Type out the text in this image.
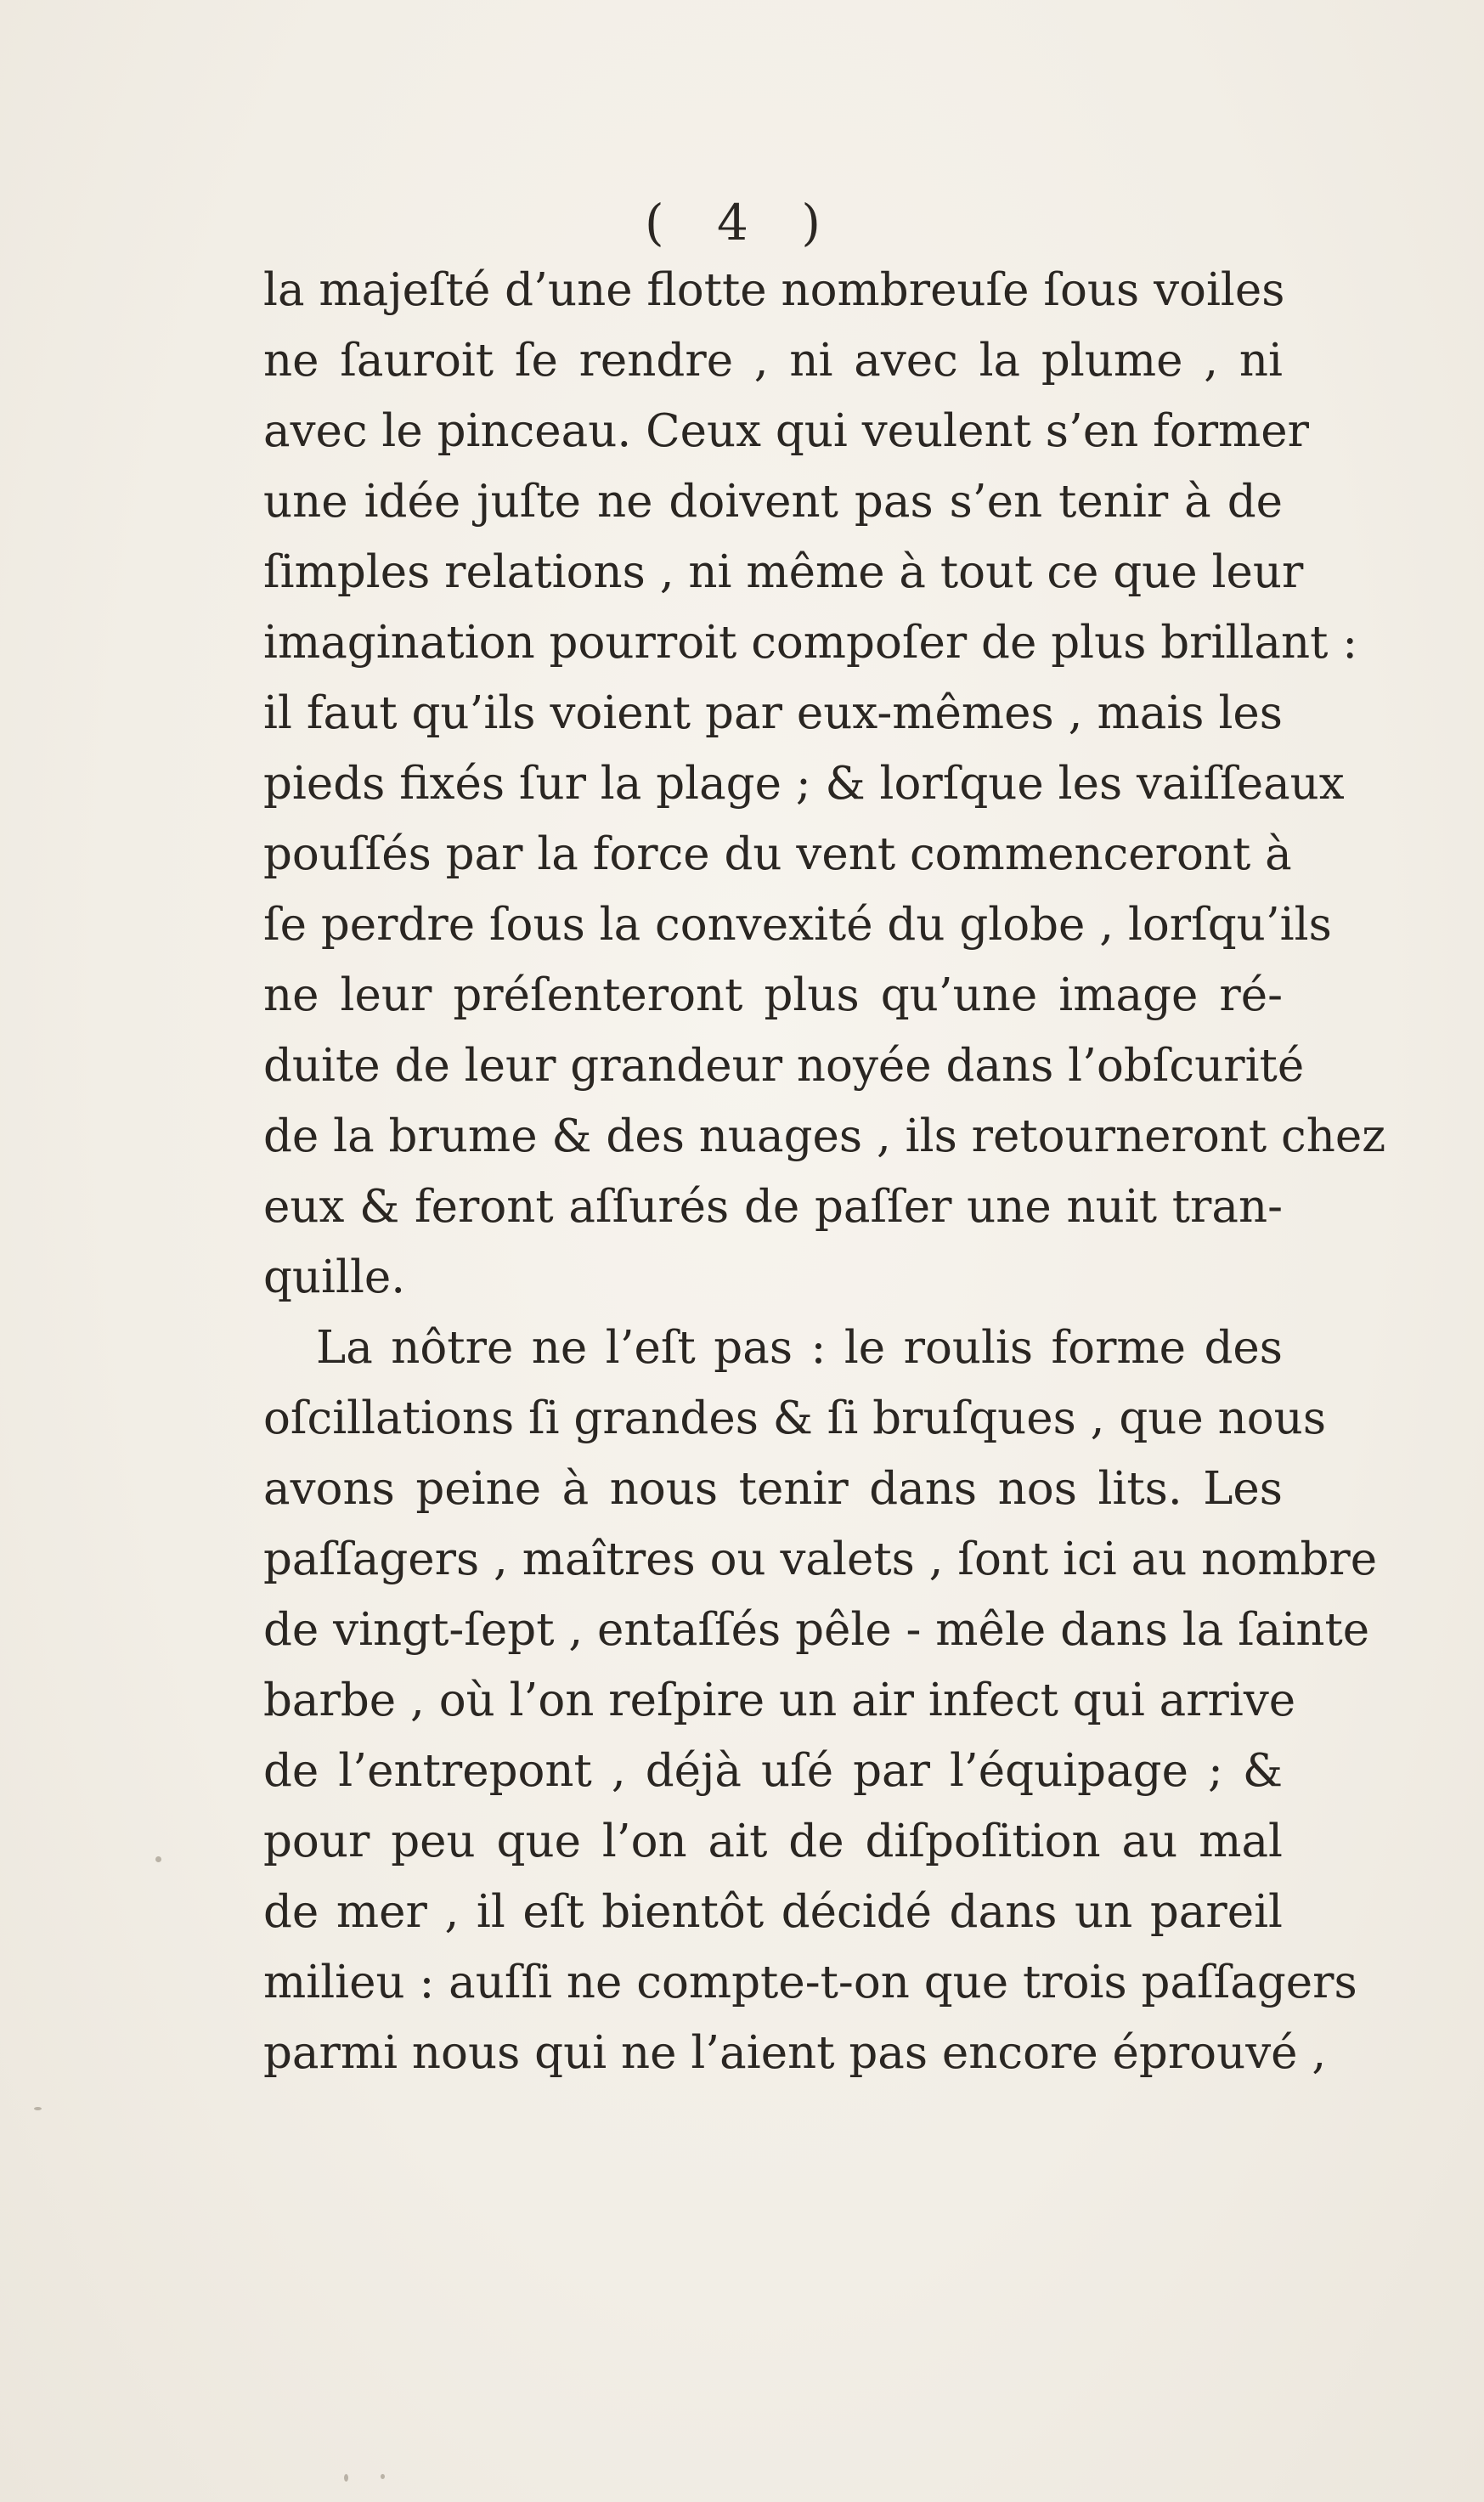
( 4 )
la majeſté d’une flotte nombreuſe ſous voiles
ne ſauroit ſe rendre , ni avec la plume , ni
avec le pinceau. Ceux qui veulent s’en former
une idée juſte ne doivent pas s’en tenir à de
ſimples relations , ni même à tout ce que leur
imagination pourroit compoſer de plus brillant :
il faut qu’ils voient par eux-mêmes , mais les
pieds fixés ſur la plage ; & lorſque les vaiſſeaux
pouſſés par la force du vent commenceront à
ſe perdre ſous la convexité du globe , lorſqu’ils
ne leur préſenteront plus qu’une image ré-
duite de leur grandeur noyée dans l’obſcurité
de la brume & des nuages , ils retourneront chez
eux & feront aſſurés de paſſer une nuit tran-
quille.
La nôtre ne l’eſt pas : le roulis forme des
oſcillations ſi grandes & ſi bruſques , que nous
avons peine à nous tenir dans nos lits. Les
paſſagers , maîtres ou valets , ſont ici au nombre
de vingt-ſept , entaſſés pêle - mêle dans la ſainte
barbe , où l’on reſpire un air infect qui arrive
de l’entrepont , déjà uſé par l’équipage ; &
pour peu que l’on ait de diſpoſition au mal
de mer , il eſt bientôt décidé dans un pareil
milieu : auſſi ne compte-t-on que trois paſſagers
parmi nous qui ne l’aient pas encore éprouvé ,
